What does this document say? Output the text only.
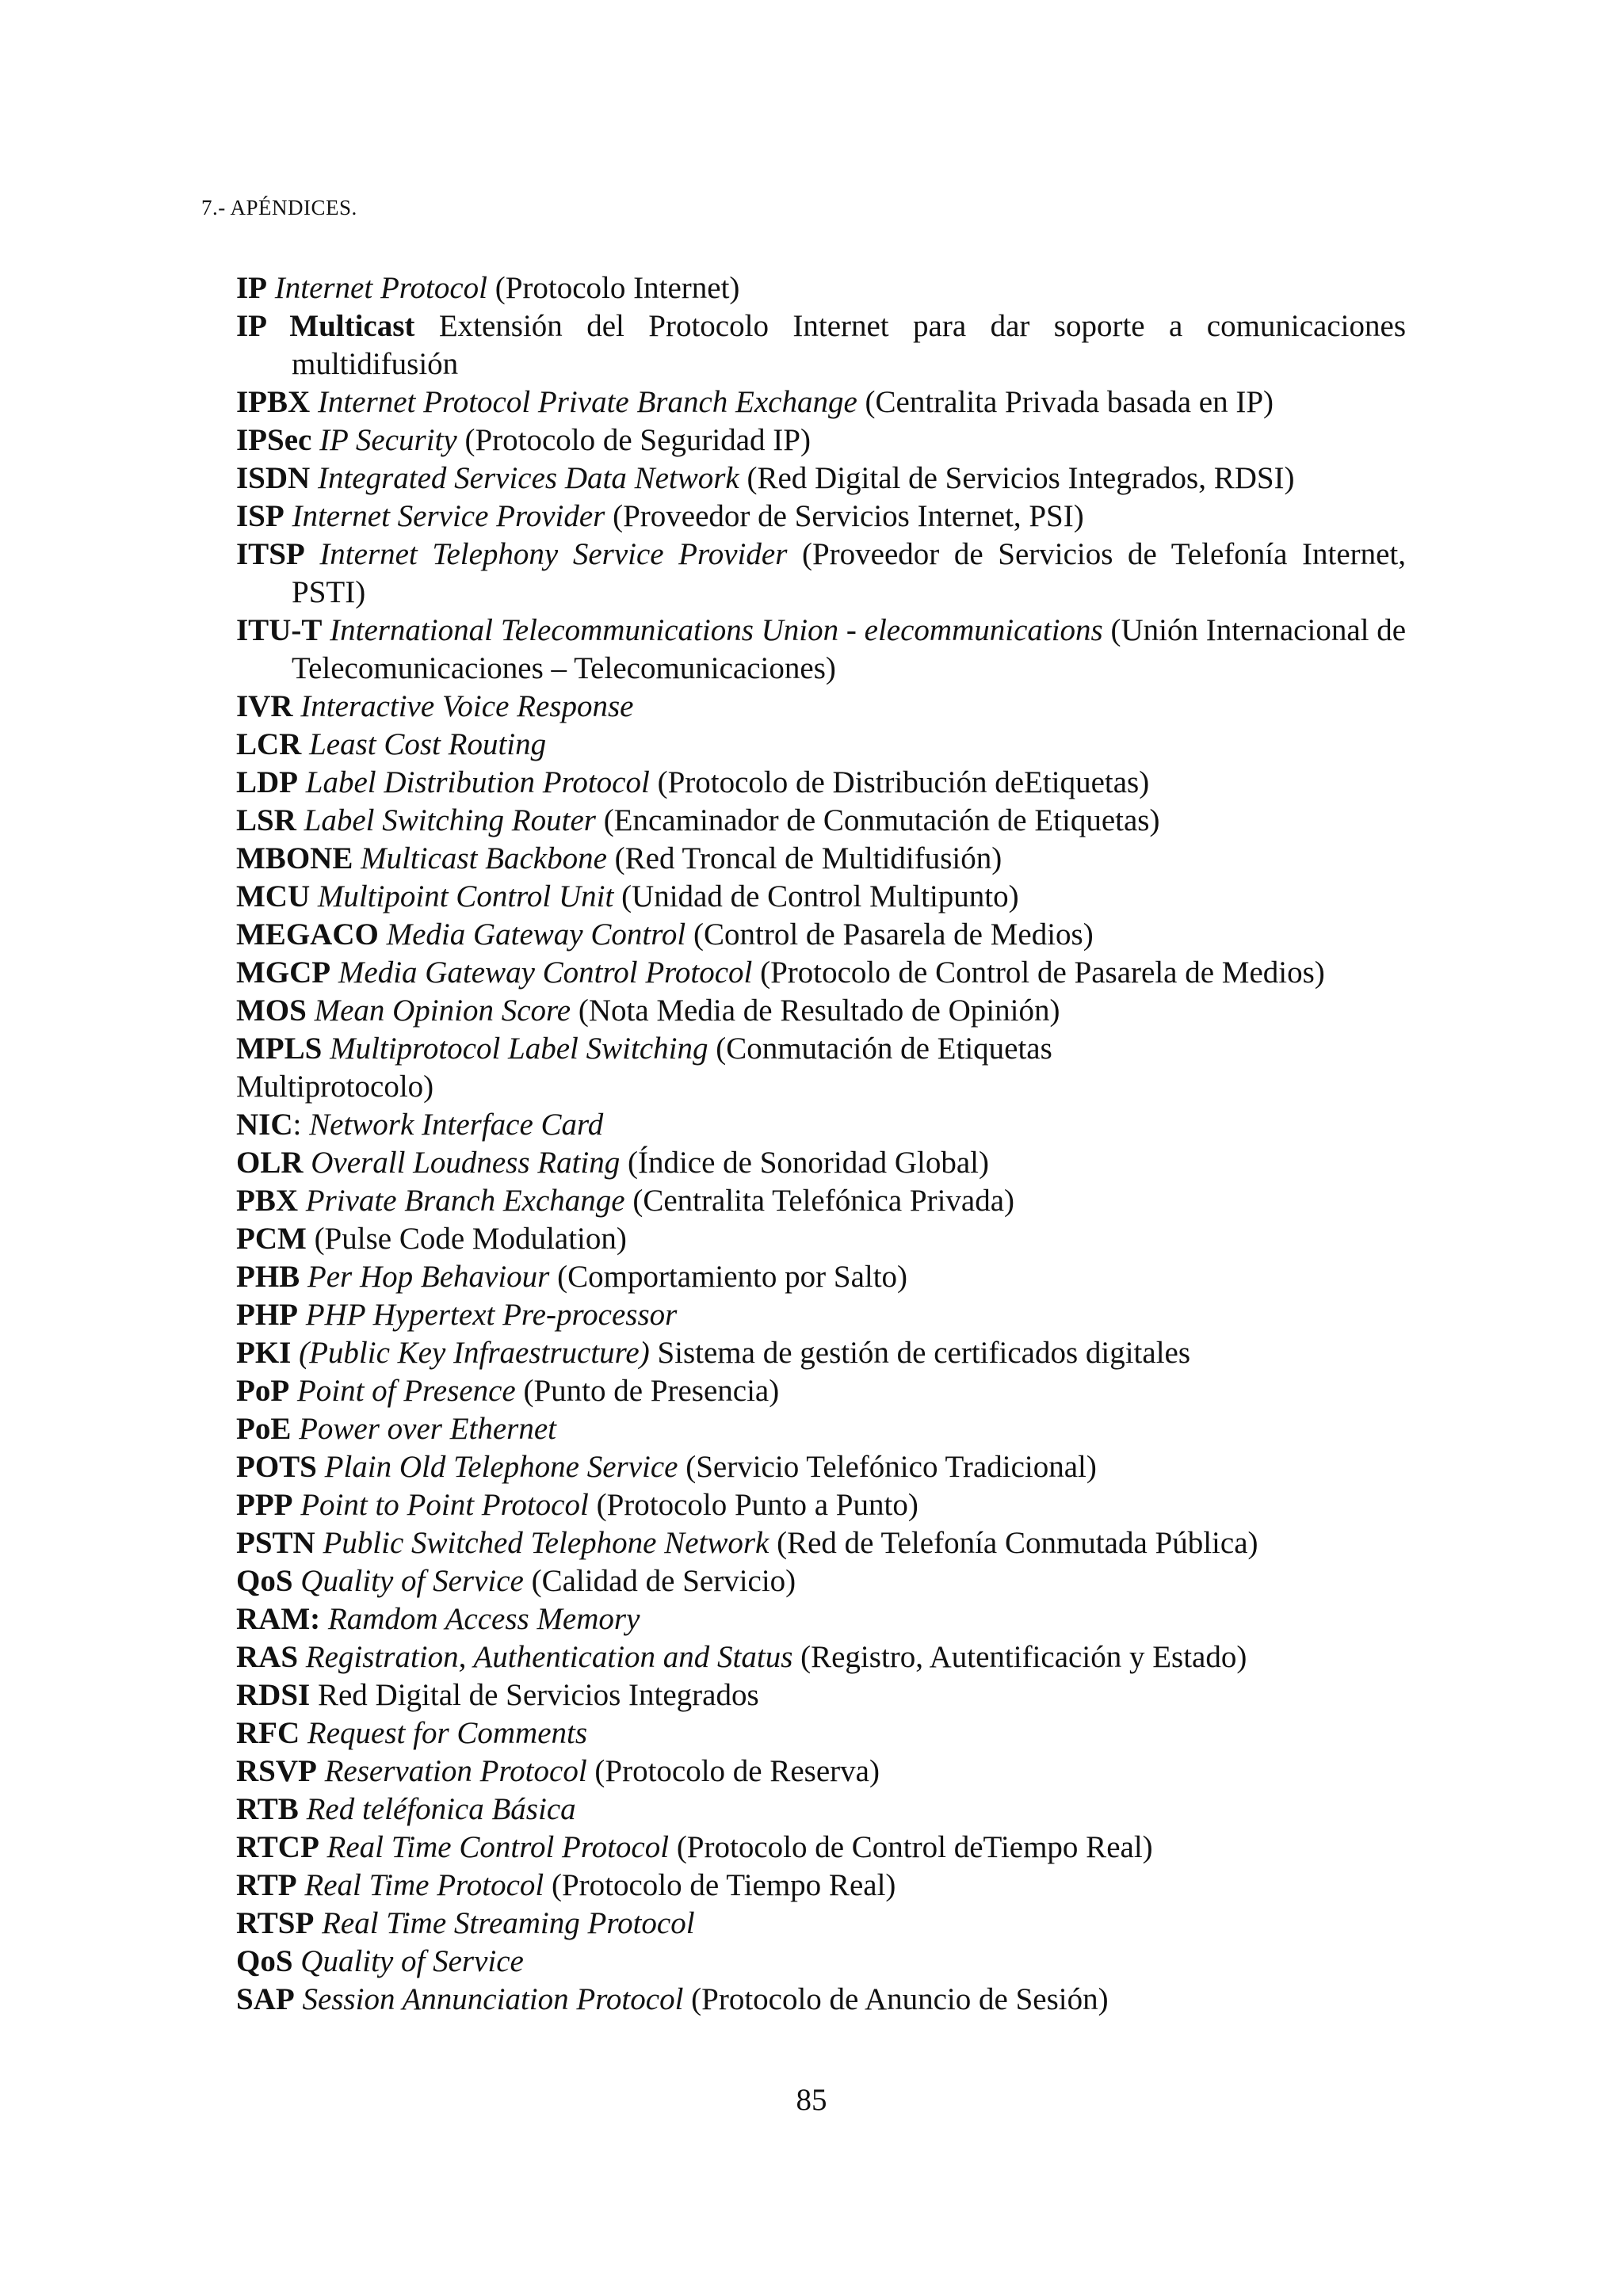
7.- APÉNDICES.
IP Internet Protocol (Protocolo Internet)
IP Multicast Extensión del Protocolo Internet para dar soporte a comunicaciones multidifusión
IPBX Internet Protocol Private Branch Exchange (Centralita Privada basada en IP)
IPSec IP Security (Protocolo de Seguridad IP)
ISDN Integrated Services Data Network (Red Digital de Servicios Integrados, RDSI)
ISP Internet Service Provider (Proveedor de Servicios Internet, PSI)
ITSP Internet Telephony Service Provider (Proveedor de Servicios de Telefonía Internet, PSTI)
ITU-T International Telecommunications Union - elecommunications (Unión Internacional de Telecomunicaciones – Telecomunicaciones)
IVR Interactive Voice Response
LCR Least Cost Routing
LDP Label Distribution Protocol (Protocolo de Distribución deEtiquetas)
LSR Label Switching Router (Encaminador de Conmutación de Etiquetas)
MBONE Multicast Backbone (Red Troncal de Multidifusión)
MCU Multipoint Control Unit (Unidad de Control Multipunto)
MEGACO Media Gateway Control (Control de Pasarela de Medios)
MGCP Media Gateway Control Protocol (Protocolo de Control de Pasarela de Medios)
MOS Mean Opinion Score (Nota Media de Resultado de Opinión)
MPLS Multiprotocol Label Switching (Conmutación de Etiquetas
Multiprotocolo)
NIC: Network Interface Card
OLR Overall Loudness Rating (Índice de Sonoridad Global)
PBX Private Branch Exchange (Centralita Telefónica Privada)
PCM (Pulse Code Modulation)
PHB Per Hop Behaviour (Comportamiento por Salto)
PHP PHP Hypertext Pre-processor
PKI (Public Key Infraestructure) Sistema de gestión de certificados digitales
PoP Point of Presence (Punto de Presencia)
PoE Power over Ethernet
POTS Plain Old Telephone Service (Servicio Telefónico Tradicional)
PPP Point to Point Protocol (Protocolo Punto a Punto)
PSTN Public Switched Telephone Network (Red de Telefonía Conmutada Pública)
QoS Quality of Service (Calidad de Servicio)
RAM: Ramdom Access Memory
RAS Registration, Authentication and Status (Registro, Autentificación y Estado)
RDSI Red Digital de Servicios Integrados
RFC Request for Comments
RSVP Reservation Protocol (Protocolo de Reserva)
RTB Red teléfonica Básica
RTCP Real Time Control Protocol (Protocolo de Control deTiempo Real)
RTP Real Time Protocol (Protocolo de Tiempo Real)
RTSP Real Time Streaming Protocol
QoS Quality of Service
SAP Session Annunciation Protocol (Protocolo de Anuncio de Sesión)
85
